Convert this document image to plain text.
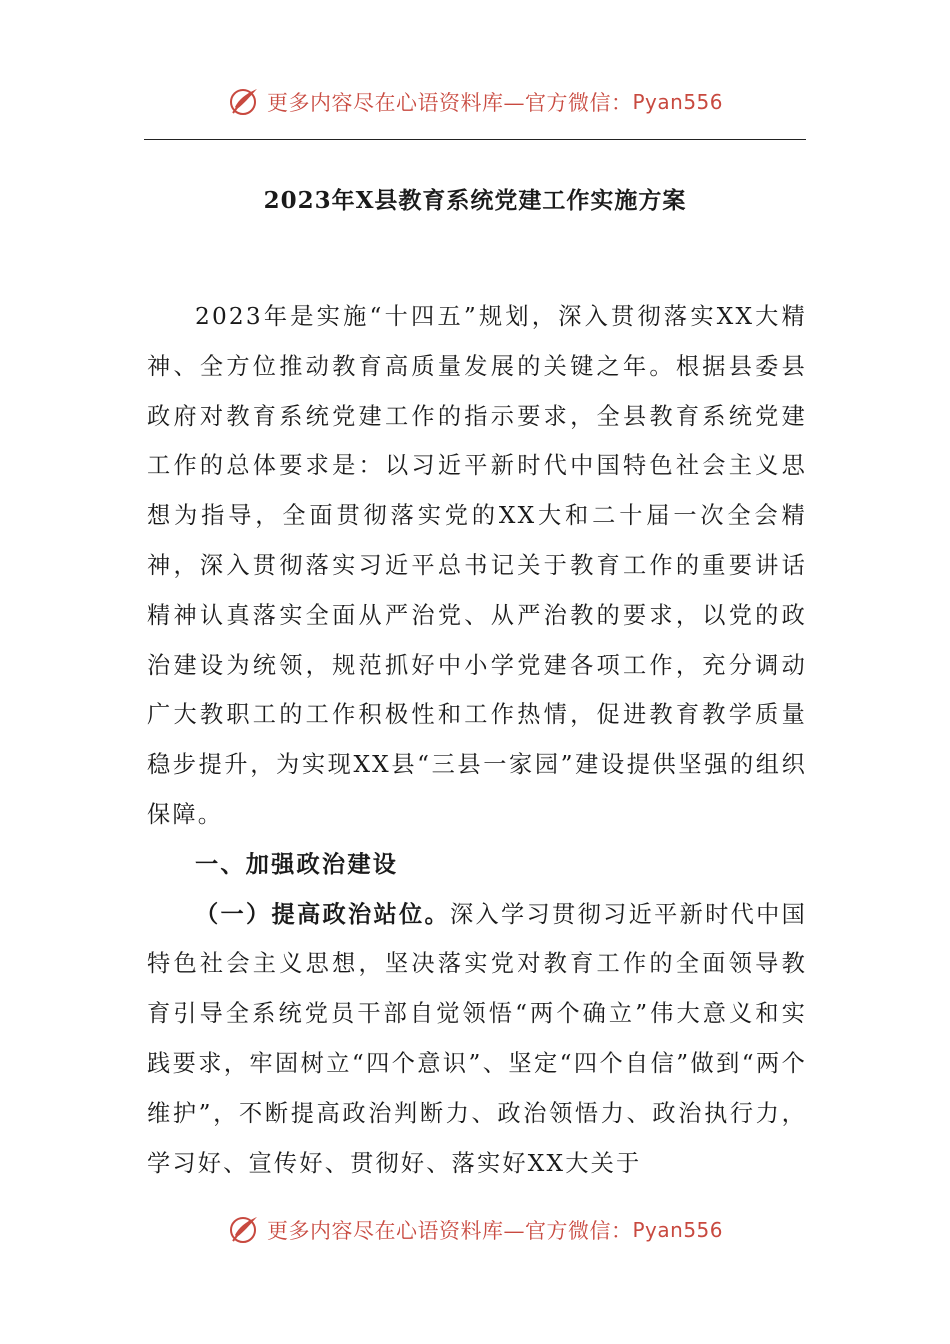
更多内容尽在心语资料库—官方微信： Pyan556
2023年X县教育系统党建工作实施方案

2023年是实施“十四五”规划，深入贯彻落实XX大精神、全方位推动教育高质量发展的关键之年。根据县委县政府对教育系统党建工作的指示要求，全县教育系统党建工作的总体要求是：以习近平新时代中国特色社会主义思想为指导，全面贯彻落实党的XX大和二十届一次全会精神，深入贯彻落实习近平总书记关于教育工作的重要讲话精神认真落实全面从严治党、从严治教的要求，以党的政治建设为统领，规范抓好中小学党建各项工作，充分调动广大教职工的工作积极性和工作热情，促进教育教学质量稳步提升，为实现XX县“三县一家园”建设提供坚强的组织保障。

一、加强政治建设

（一）提高政治站位。深入学习贯彻习近平新时代中国特色社会主义思想，坚决落实党对教育工作的全面领导教育引导全系统党员干部自觉领悟“两个确立”伟大意义和实践要求，牢固树立“四个意识”、坚定“四个自信”做到“两个维护”，不断提高政治判断力、政治领悟力、政治执行力，学习好、宣传好、贯彻好、落实好XX大关于

更多内容尽在心语资料库—官方微信： Pyan556
